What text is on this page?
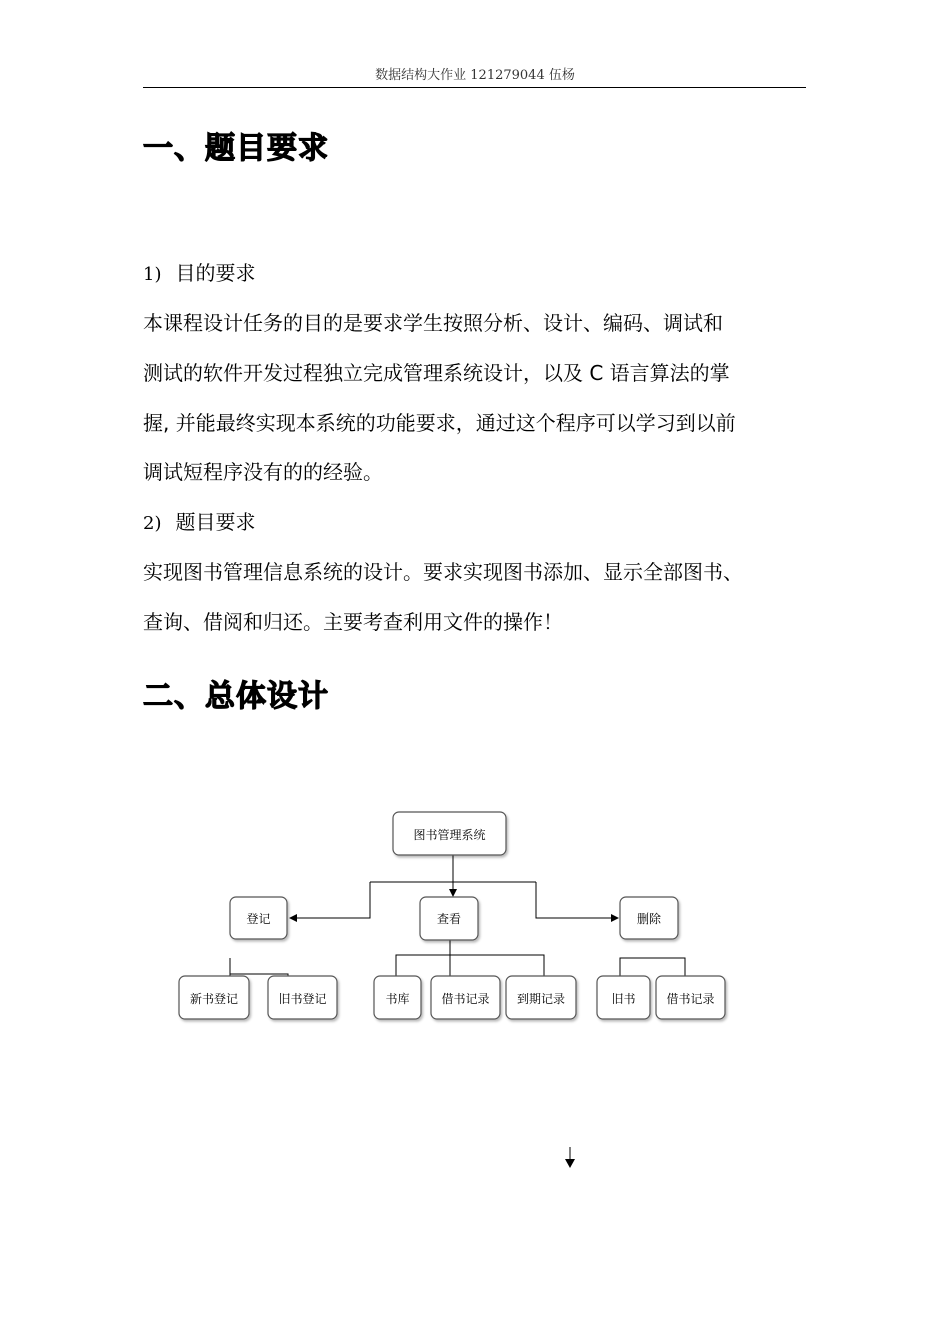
数据结构大作业 121279044 伍杨
一、题目要求
1) 目的要求
本课程设计任务的目的是要求学生按照分析、设计、编码、调试和
测试的软件开发过程独立完成管理系统设计，以及 C 语言算法的掌
握, 并能最终实现本系统的功能要求，通过这个程序可以学习到以前
调试短程序没有的的经验。
2) 题目要求
实现图书管理信息系统的设计。要求实现图书添加、显示全部图书、
查询、借阅和归还。主要考查利用文件的操作！
二、总体设计
图书管理系统
登记	查看	删除
新书登记	旧书登记	书库	借书记录 到期记录	旧书	借书记录
